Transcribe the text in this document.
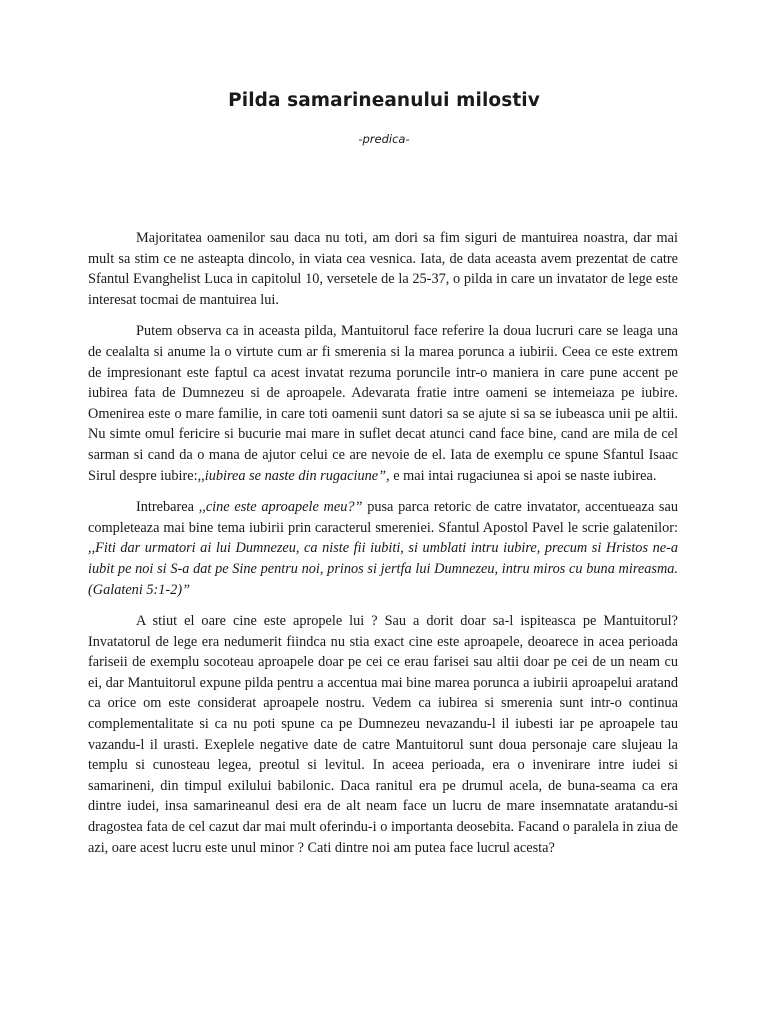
Pilda samarineanului milostiv

-predica-

Majoritatea oamenilor sau daca nu toti, am dori sa fim siguri de mantuirea noastra, dar mai mult sa stim ce ne asteapta dincolo, in viata cea vesnica. Iata, de data aceasta avem prezentat de catre Sfantul Evanghelist Luca in capitolul 10, versetele de la 25-37, o pilda in care un invatator de lege este interesat tocmai de mantuirea lui.

Putem observa ca in aceasta pilda, Mantuitorul face referire la doua lucruri care se leaga una de cealalta si anume la o virtute cum ar fi smerenia si la marea porunca a iubirii. Ceea ce este extrem de impresionant este faptul ca acest invatat rezuma poruncile intr-o maniera in care pune accent pe iubirea fata de Dumnezeu si de aproapele. Adevarata fratie intre oameni se intemeiaza pe iubire. Omenirea este o mare familie, in care toti oamenii sunt datori sa se ajute si sa se iubeasca unii pe altii. Nu simte omul fericire si bucurie mai mare in suflet decat atunci cand face bine, cand are mila de cel sarman si cand da o mana de ajutor celui ce are nevoie de el. Iata de exemplu ce spune Sfantul Isaac Sirul despre iubire:,,iubirea se naste din rugaciune”, e mai intai rugaciunea si apoi se naste iubirea.

Intrebarea ,,cine este aproapele meu?” pusa parca retoric de catre invatator, accentueaza sau completeaza mai bine tema iubirii prin caracterul smereniei. Sfantul Apostol Pavel le scrie galatenilor: ,,Fiti dar urmatori ai lui Dumnezeu, ca niste fii iubiti, si umblati intru iubire, precum si Hristos ne-a iubit pe noi si S-a dat pe Sine pentru noi, prinos si jertfa lui Dumnezeu, intru miros cu buna mireasma. (Galateni 5:1-2)”

A stiut el oare cine este apropele lui ? Sau a dorit doar sa-l ispiteasca pe Mantuitorul? Invatatorul de lege era nedumerit fiindca nu stia exact cine este aproapele, deoarece in acea perioada fariseii de exemplu socoteau aproapele doar pe cei ce erau farisei sau altii doar pe cei de un neam cu ei, dar Mantuitorul expune pilda pentru a accentua mai bine marea porunca a iubirii aproapelui aratand ca orice om este considerat aproapele nostru. Vedem ca iubirea si smerenia sunt intr-o continua complementalitate si ca nu poti spune ca pe Dumnezeu nevazandu-l il iubesti iar pe aproapele tau vazandu-l il urasti. Exeplele negative date de catre Mantuitorul sunt doua personaje care slujeau la templu si cunosteau legea, preotul si levitul. In aceea perioada, era o invenirare intre iudei si samarineni, din timpul exilului babilonic. Daca ranitul era pe drumul acela, de buna-seama ca era dintre iudei, insa samarineanul desi era de alt neam face un lucru de mare insemnatate aratandu-si dragostea fata de cel cazut dar mai mult oferindu-i o importanta deosebita. Facand o paralela in ziua de azi, oare acest lucru este unul minor ? Cati dintre noi am putea face lucrul acesta?
